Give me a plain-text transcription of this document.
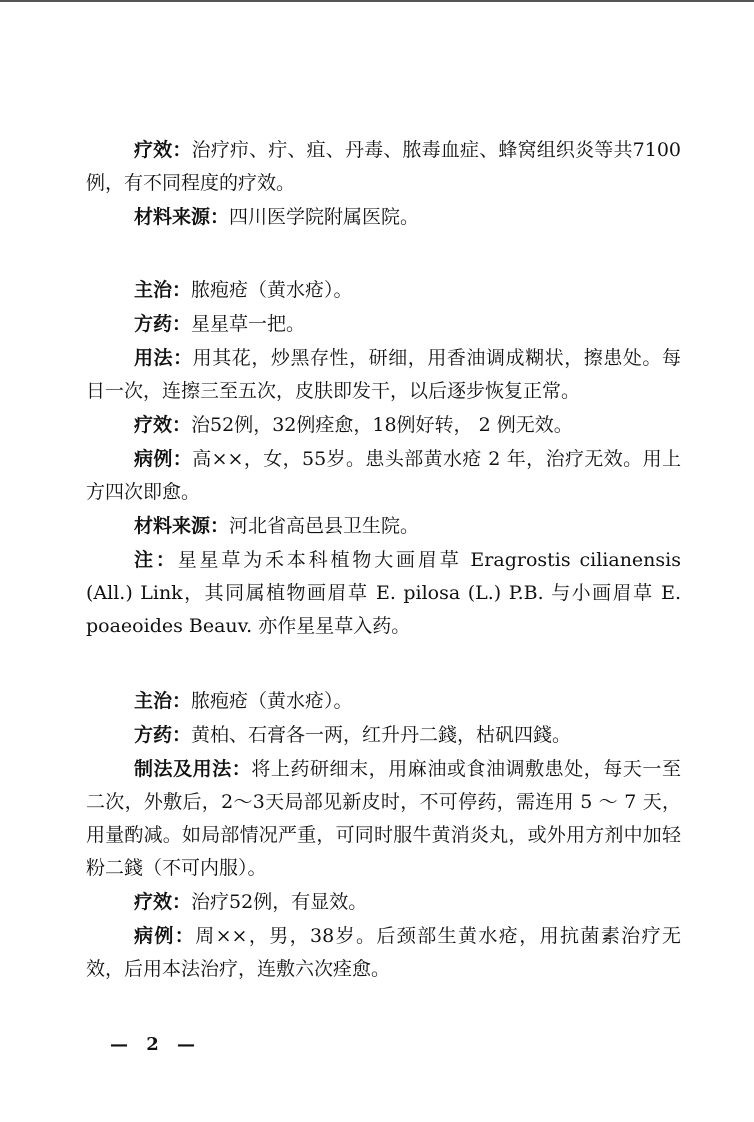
疗效：治疗疖、疔、疽、丹毒、脓毒血症、蜂窝组织炎等共7100例，有不同程度的疗效。

材料来源：四川医学院附属医院。

主治：脓疱疮（黄水疮）。

方药：星星草一把。

用法：用其花，炒黑存性，研细，用香油调成糊状，擦患处。每日一次，连擦三至五次，皮肤即发干，以后逐步恢复正常。

疗效：治52例，32例痊愈，18例好转， 2 例无效。

病例：高××，女，55岁。患头部黄水疮 2 年，治疗无效。用上方四次即愈。

材料来源：河北省高邑县卫生院。

注：星星草为禾本科植物大画眉草 Eragrostis cilianensis (All.) Link，其同属植物画眉草 E. pilosa (L.) P.B. 与小画眉草 E. poaeoides Beauv. 亦作星星草入药。

主治：脓疱疮（黄水疮）。

方药：黄柏、石膏各一两，红升丹二錢，枯矾四錢。

制法及用法：将上药研细末，用麻油或食油调敷患处，每天一至二次，外敷后，2～3天局部见新皮时，不可停药，需连用 5 ～ 7 天，用量酌减。如局部情况严重，可同时服牛黄消炎丸，或外用方剂中加轻粉二錢（不可内服）。

疗效：治疗52例，有显效。

病例：周××，男，38岁。后颈部生黄水疮，用抗菌素治疗无效，后用本法治疗，连敷六次痊愈。

— 2 —
